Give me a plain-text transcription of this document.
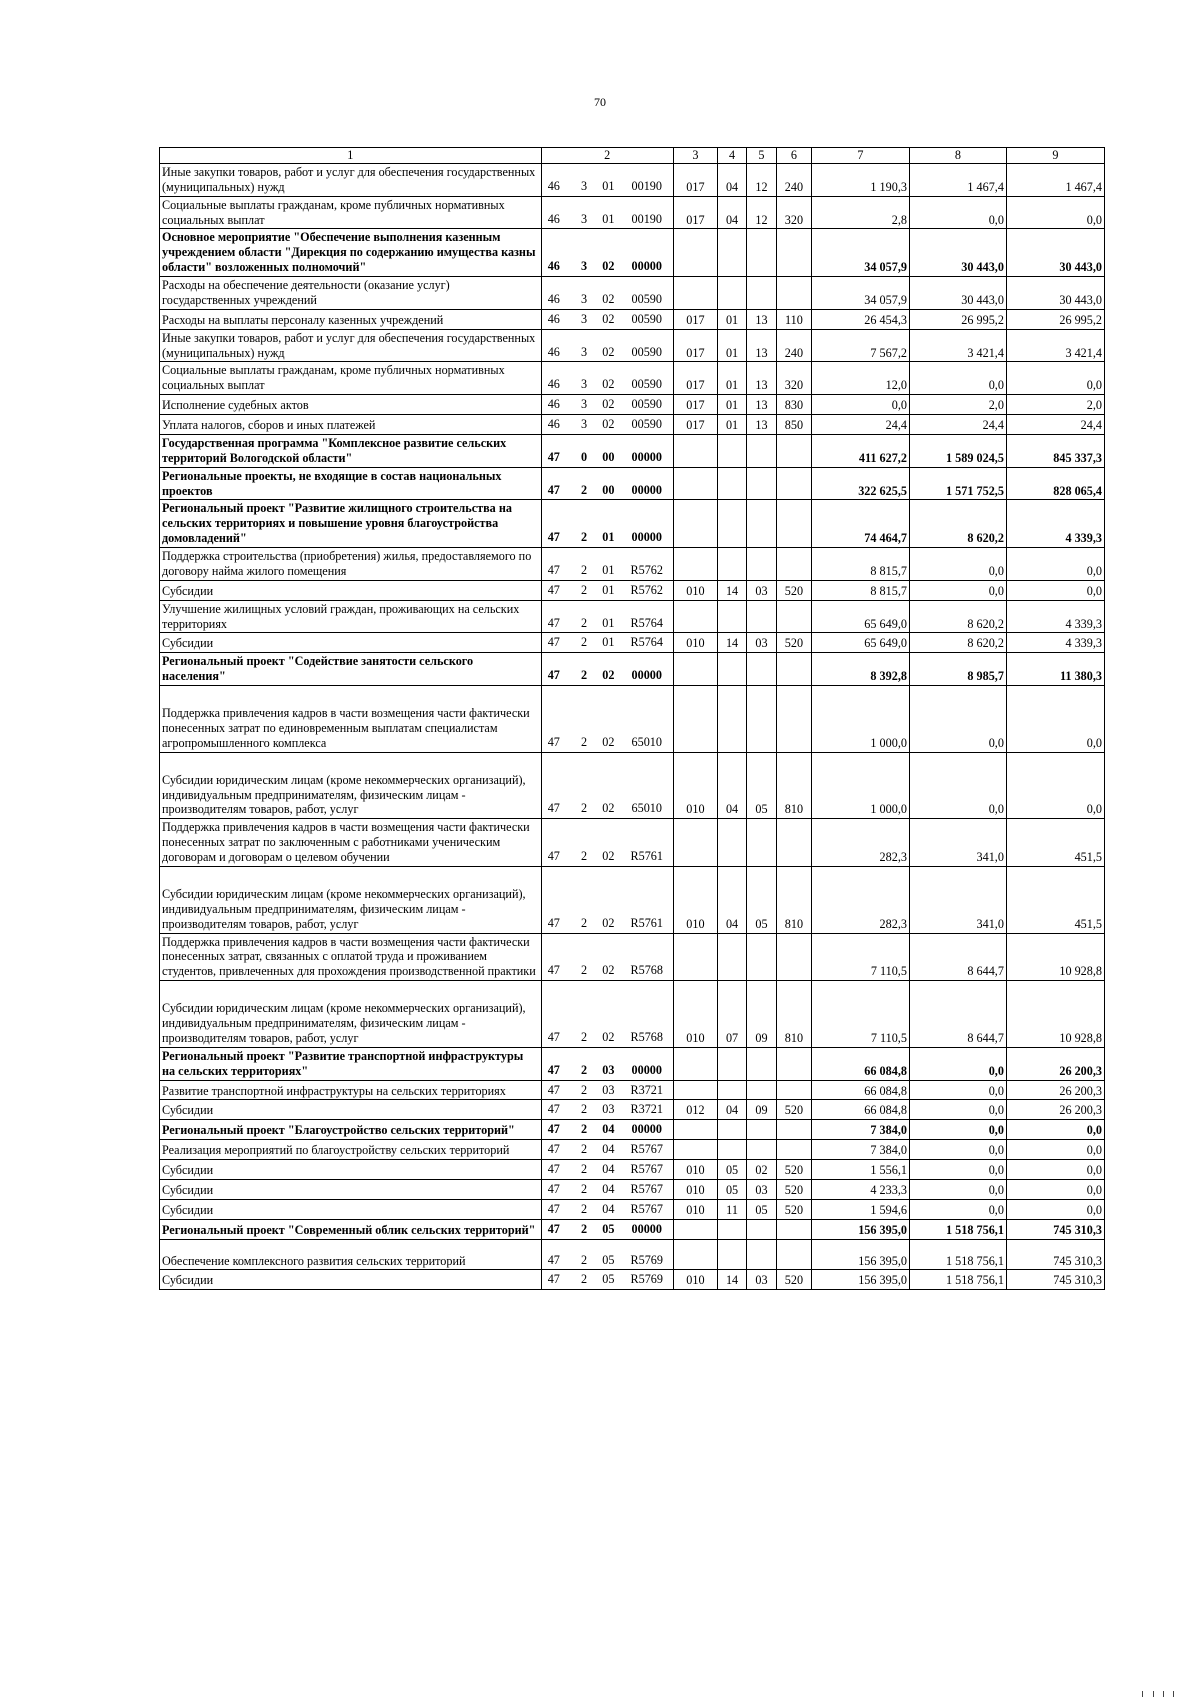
70
1	2	3	4	5	6	7	8	9
Иные закупки товаров, работ и услуг для обеспечения государственных (муниципальных) нужд	46 3 01 00190	017	04	12	240	1 190,3	1 467,4	1 467,4
Социальные выплаты гражданам, кроме публичных нормативных социальных выплат	46 3 01 00190	017	04	12	320	2,8	0,0	0,0
Основное мероприятие "Обеспечение выполнения казенным учреждением области "Дирекция по содержанию имущества казны области" возложенных полномочий"	46 3 02 00000					34 057,9	30 443,0	30 443,0
Расходы на обеспечение деятельности (оказание услуг) государственных учреждений	46 3 02 00590					34 057,9	30 443,0	30 443,0
Расходы на выплаты персоналу казенных учреждений	46 3 02 00590	017	01	13	110	26 454,3	26 995,2	26 995,2
Иные закупки товаров, работ и услуг для обеспечения государственных (муниципальных) нужд	46 3 02 00590	017	01	13	240	7 567,2	3 421,4	3 421,4
Социальные выплаты гражданам, кроме публичных нормативных социальных выплат	46 3 02 00590	017	01	13	320	12,0	0,0	0,0
Исполнение судебных актов	46 3 02 00590	017	01	13	830	0,0	2,0	2,0
Уплата налогов, сборов и иных платежей	46 3 02 00590	017	01	13	850	24,4	24,4	24,4
Государственная программа "Комплексное развитие сельских территорий Вологодской области"	47 0 00 00000					411 627,2	1 589 024,5	845 337,3
Региональные проекты, не входящие в состав национальных проектов	47 2 00 00000					322 625,5	1 571 752,5	828 065,4
Региональный проект "Развитие жилищного строительства на сельских территориях и повышение уровня благоустройства домовладений"	47 2 01 00000					74 464,7	8 620,2	4 339,3
Поддержка строительства (приобретения) жилья, предоставляемого по договору найма жилого помещения	47 2 01 R5762					8 815,7	0,0	0,0
Субсидии	47 2 01 R5762	010	14	03	520	8 815,7	0,0	0,0
Улучшение жилищных условий граждан, проживающих на сельских территориях	47 2 01 R5764					65 649,0	8 620,2	4 339,3
Субсидии	47 2 01 R5764	010	14	03	520	65 649,0	8 620,2	4 339,3
Региональный проект "Содействие занятости сельского населения"	47 2 02 00000					8 392,8	8 985,7	11 380,3
Поддержка привлечения кадров в части возмещения части фактически понесенных затрат по единовременным выплатам специалистам агропромышленного комплекса	47 2 02 65010					1 000,0	0,0	0,0
Субсидии юридическим лицам (кроме некоммерческих организаций), индивидуальным предпринимателям, физическим лицам - производителям товаров, работ, услуг	47 2 02 65010	010	04	05	810	1 000,0	0,0	0,0
Поддержка привлечения кадров в части возмещения части фактически понесенных затрат по заключенным с работниками ученическим договорам и договорам о целевом обучении	47 2 02 R5761					282,3	341,0	451,5
Субсидии юридическим лицам (кроме некоммерческих организаций), индивидуальным предпринимателям, физическим лицам - производителям товаров, работ, услуг	47 2 02 R5761	010	04	05	810	282,3	341,0	451,5
Поддержка привлечения кадров в части возмещения части фактически понесенных затрат, связанных с оплатой труда и проживанием студентов, привлеченных для прохождения производственной практики	47 2 02 R5768					7 110,5	8 644,7	10 928,8
Субсидии юридическим лицам (кроме некоммерческих организаций), индивидуальным предпринимателям, физическим лицам - производителям товаров, работ, услуг	47 2 02 R5768	010	07	09	810	7 110,5	8 644,7	10 928,8
Региональный проект "Развитие транспортной инфраструктуры на сельских территориях"	47 2 03 00000					66 084,8	0,0	26 200,3
Развитие транспортной инфраструктуры на сельских территориях	47 2 03 R3721					66 084,8	0,0	26 200,3
Субсидии	47 2 03 R3721	012	04	09	520	66 084,8	0,0	26 200,3
Региональный проект "Благоустройство сельских территорий"	47 2 04 00000					7 384,0	0,0	0,0
Реализация мероприятий по благоустройству сельских территорий	47 2 04 R5767					7 384,0	0,0	0,0
Субсидии	47 2 04 R5767	010	05	02	520	1 556,1	0,0	0,0
Субсидии	47 2 04 R5767	010	05	03	520	4 233,3	0,0	0,0
Субсидии	47 2 04 R5767	010	11	05	520	1 594,6	0,0	0,0
Региональный проект "Современный облик сельских территорий"	47 2 05 00000					156 395,0	1 518 756,1	745 310,3
Обеспечение комплексного развития сельских территорий	47 2 05 R5769					156 395,0	1 518 756,1	745 310,3
Субсидии	47 2 05 R5769	010	14	03	520	156 395,0	1 518 756,1	745 310,3
